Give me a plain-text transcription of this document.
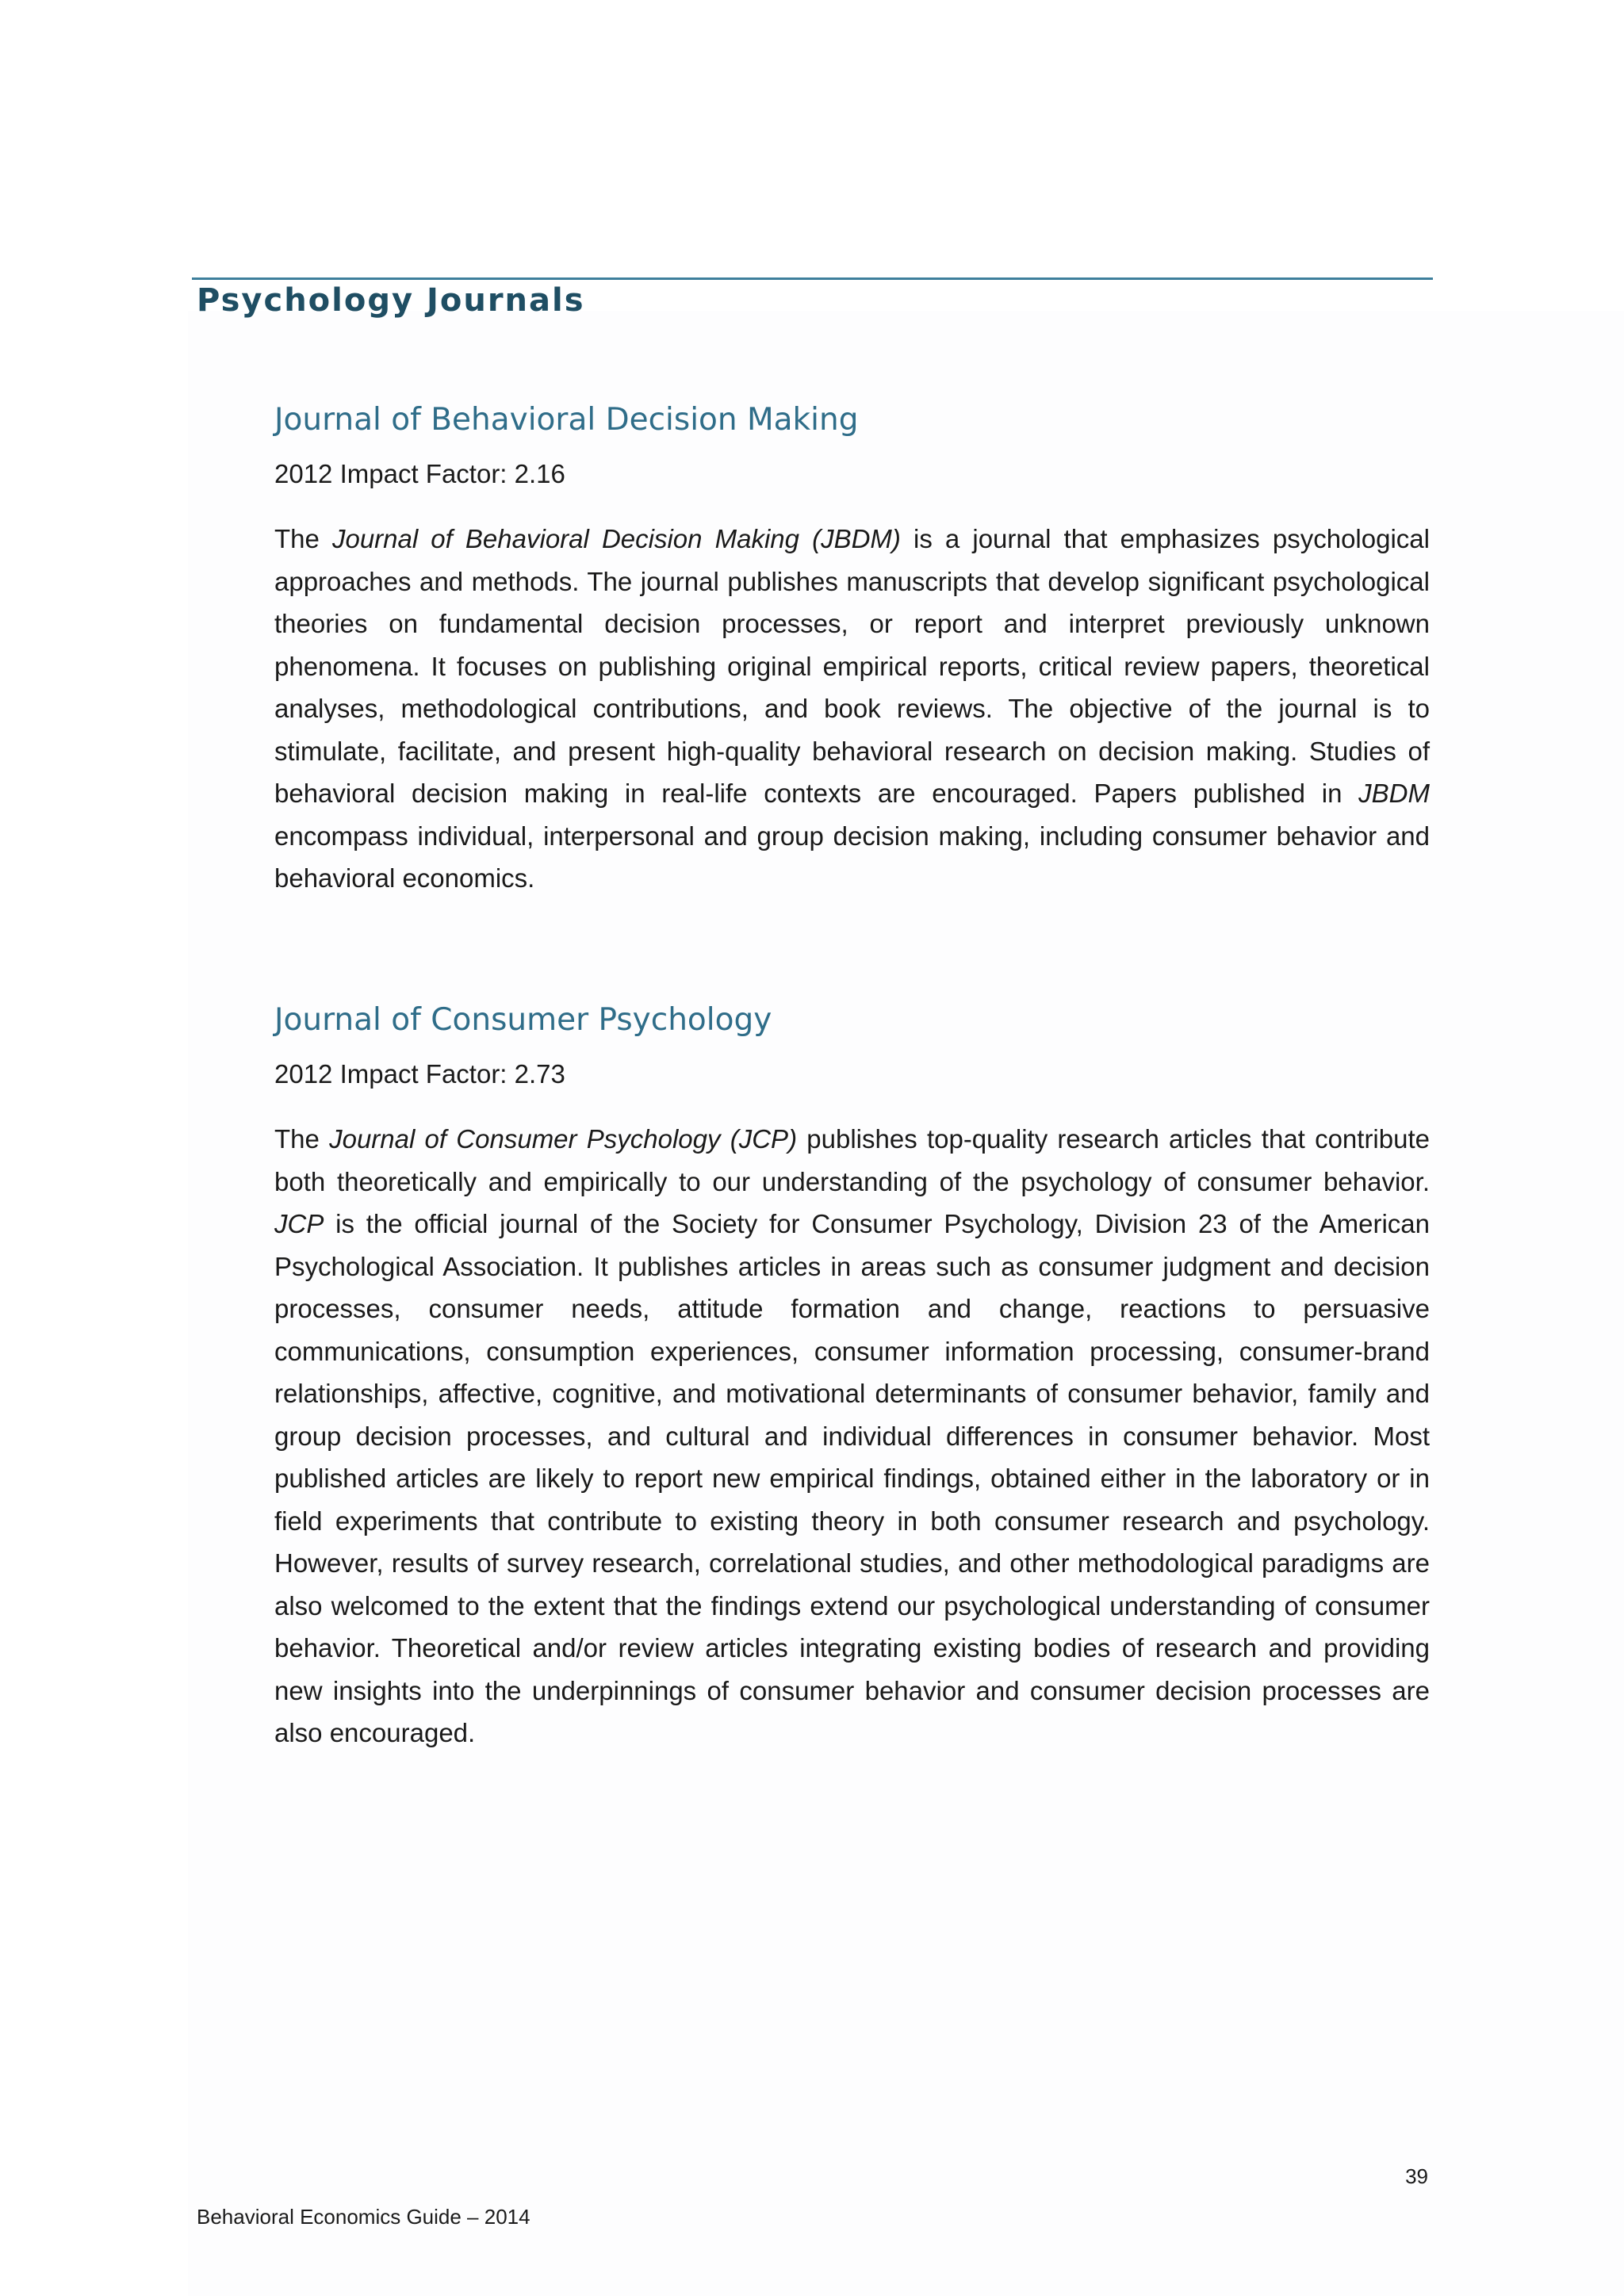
Psychology Journals
Journal of Behavioral Decision Making

2012 Impact Factor: 2.16

The Journal of Behavioral Decision Making (JBDM) is a journal that emphasizes psychological approaches and methods. The journal publishes manuscripts that develop significant psychological theories on fundamental decision processes, or report and interpret previously unknown phenomena. It focuses on publishing original empirical reports, critical review papers, theoretical analyses, methodological contributions, and book reviews. The objective of the journal is to stimulate, facilitate, and present high-quality behavioral research on decision making. Studies of behavioral decision making in real-life contexts are encouraged. Papers published in JBDM encompass individual, interpersonal and group decision making, including consumer behavior and behavioral economics.

Journal of Consumer Psychology

2012 Impact Factor: 2.73

The Journal of Consumer Psychology (JCP) publishes top-quality research articles that contribute both theoretically and empirically to our understanding of the psychology of consumer behavior. JCP is the official journal of the Society for Consumer Psychology, Division 23 of the American Psychological Association. It publishes articles in areas such as consumer judgment and decision processes, consumer needs, attitude formation and change, reactions to persuasive communications, consumption experiences, consumer information processing, consumer-brand relationships, affective, cognitive, and motivational determinants of consumer behavior, family and group decision processes, and cultural and individual differences in consumer behavior. Most published articles are likely to report new empirical findings, obtained either in the laboratory or in field experiments that contribute to existing theory in both consumer research and psychology. However, results of survey research, correlational studies, and other methodological paradigms are also welcomed to the extent that the findings extend our psychological understanding of consumer behavior. Theoretical and/or review articles integrating existing bodies of research and providing new insights into the underpinnings of consumer behavior and consumer decision processes are also encouraged.

39
Behavioral Economics Guide – 2014
